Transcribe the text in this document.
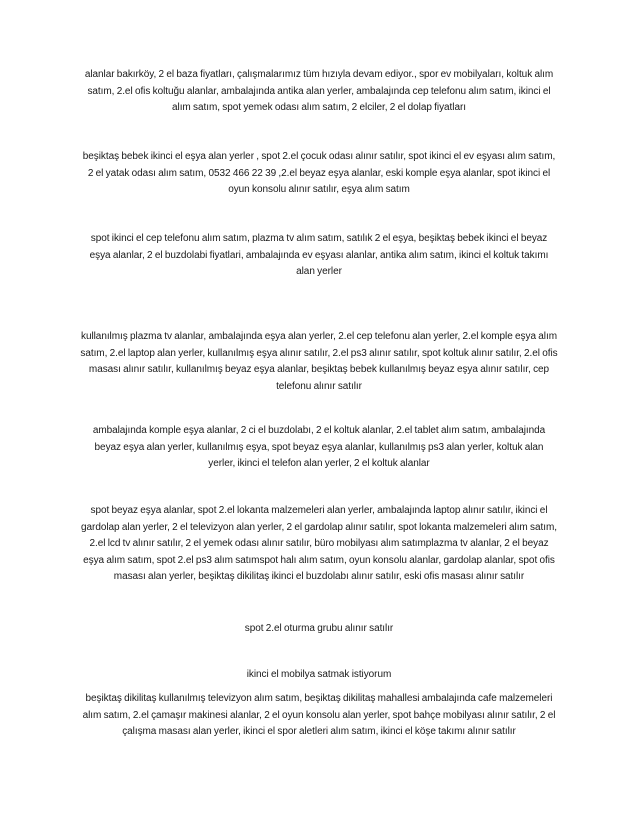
alanlar bakırköy, 2 el baza fiyatları, çalışmalarımız tüm hızıyla devam ediyor., spor ev mobilyaları, koltuk alım satım, 2.el ofis koltuğu alanlar, ambalajında antika alan yerler, ambalajında cep telefonu alım satım, ikinci el alım satım, spot yemek odası alım satım, 2 elciler, 2 el dolap fiyatları

beşiktaş bebek ikinci el eşya alan yerler , spot 2.el çocuk odası alınır satılır, spot ikinci el ev eşyası alım satım, 2 el yatak odası alım satım, 0532 466 22 39 ,2.el beyaz eşya alanlar, eski komple eşya alanlar, spot ikinci el oyun konsolu alınır satılır, eşya alım satım

spot ikinci el cep telefonu alım satım, plazma tv alım satım, satılık 2 el eşya, beşiktaş bebek ikinci el beyaz eşya alanlar, 2 el buzdolabi fiyatlari, ambalajında ev eşyası alanlar, antika alım satım, ikinci el koltuk takımı alan yerler

kullanılmış plazma tv alanlar, ambalajında eşya alan yerler, 2.el cep telefonu alan yerler, 2.el komple eşya alım satım, 2.el laptop alan yerler, kullanılmış eşya alınır satılır, 2.el ps3 alınır satılır, spot koltuk alınır satılır, 2.el ofis masası alınır satılır, kullanılmış beyaz eşya alanlar, beşiktaş bebek kullanılmış beyaz eşya alınır satılır, cep telefonu alınır satılır

ambalajında komple eşya alanlar, 2 ci el buzdolabı, 2 el koltuk alanlar, 2.el tablet alım satım, ambalajında beyaz eşya alan yerler, kullanılmış eşya, spot beyaz eşya alanlar, kullanılmış ps3 alan yerler, koltuk alan yerler, ikinci el telefon alan yerler, 2 el koltuk alanlar

spot beyaz eşya alanlar, spot 2.el lokanta malzemeleri alan yerler, ambalajında laptop alınır satılır, ikinci el gardolap alan yerler, 2 el televizyon alan yerler, 2 el gardolap alınır satılır, spot lokanta malzemeleri alım satım, 2.el lcd tv alınır satılır, 2 el yemek odası alınır satılır, büro mobilyası alım satımplazma tv alanlar, 2 el beyaz eşya alım satım, spot 2.el ps3 alım satımspot halı alım satım, oyun konsolu alanlar, gardolap alanlar, spot ofis masası alan yerler, beşiktaş dikilitaş ikinci el buzdolabı alınır satılır, eski ofis masası alınır satılır

spot 2.el oturma grubu alınır satılır

ikinci el mobilya satmak istiyorum

beşiktaş dikilitaş kullanılmış televizyon alım satım, beşiktaş dikilitaş mahallesi ambalajında cafe malzemeleri alım satım, 2.el çamaşır makinesi alanlar, 2 el oyun konsolu alan yerler, spot bahçe mobilyası alınır satılır, 2 el çalışma masası alan yerler, ikinci el spor aletleri alım satım, ikinci el köşe takımı alınır satılır
